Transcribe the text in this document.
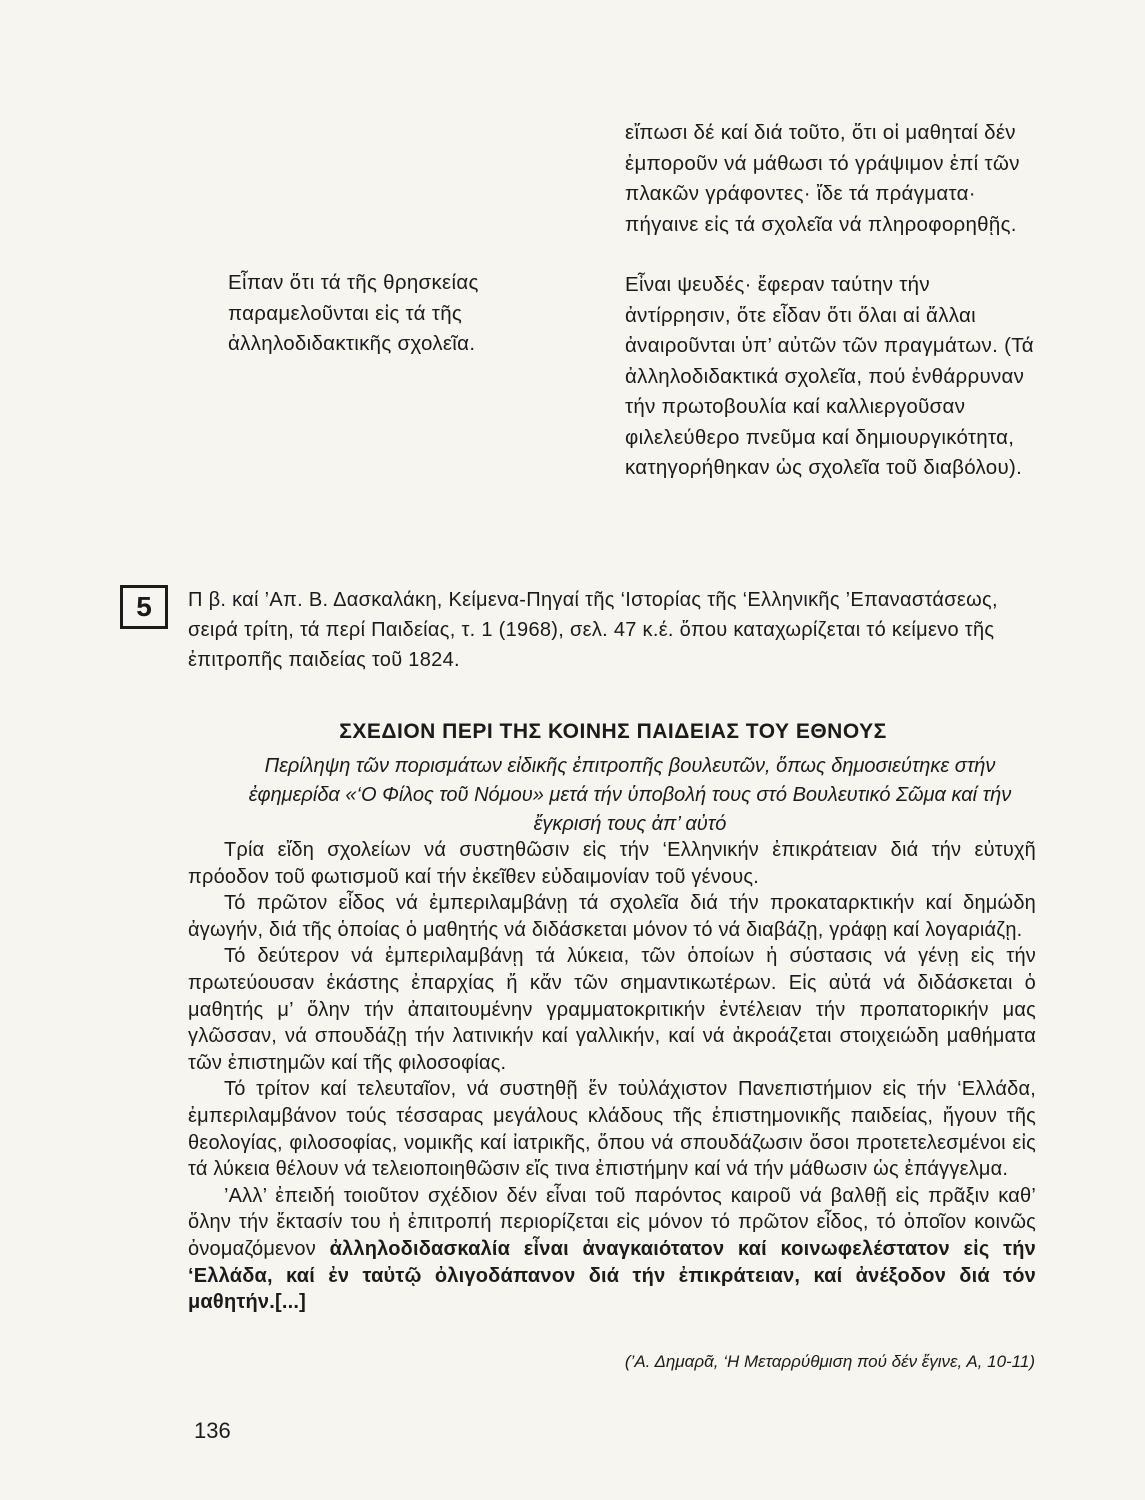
εἴπωσι δέ καί διά τοῦτο, ὅτι οἱ μαθηταί δέν ἐμποροῦν νά μάθωσι τό γράψιμον ἐπί τῶν πλακῶν γράφοντες· ἴδε τά πράγματα· πήγαινε εἰς τά σχολεῖα νά πληροφορηθῇς.

Εἶπαν ὅτι τά τῆς θρησκείας παραμελοῦνται εἰς τά τῆς ἀλληλοδιδακτικῆς σχολεῖα.

Εἶναι ψευδές· ἔφεραν ταύτην τήν ἀντίρρησιν, ὅτε εἶδαν ὅτι ὅλαι αἱ ἄλλαι ἀναιροῦνται ὑπ’ αὐτῶν τῶν πραγμάτων. (Τά ἀλληλοδιδακτικά σχολεῖα, πού ἐνθάρρυναν τήν πρωτοβουλία καί καλλιεργοῦσαν φιλελεύθερο πνεῦμα καί δημιουργικότητα, κατηγορήθηκαν ὡς σχολεῖα τοῦ διαβόλου).

5	Π β. καί ’Απ. Β. Δασκαλάκη, Κείμενα-Πηγαί τῆς ‘Ιστορίας τῆς ‘Ελληνικῆς ’Επαναστάσεως, σειρά τρίτη, τά περί Παιδείας, τ. 1 (1968), σελ. 47 κ.έ. ὅπου καταχωρίζεται τό κείμενο τῆς ἐπιτροπῆς παιδείας τοῦ 1824.

ΣΧΕΔΙΟΝ ΠΕΡΙ ΤΗΣ ΚΟΙΝΗΣ ΠΑΙΔΕΙΑΣ ΤΟΥ ΕΘΝΟΥΣ
Περίληψη τῶν πορισμάτων εἰδικῆς ἐπιτροπῆς βουλευτῶν, ὅπως δημοσιεύτηκε στήν ἐφημερίδα «‘Ο Φίλος τοῦ Νόμου» μετά τήν ὑποβολή τους στό Βουλευτικό Σῶμα καί τήν ἔγκρισή τους ἀπ’ αὐτό

Τρία εἴδη σχολείων νά συστηθῶσιν εἰς τήν ‘Ελληνικήν ἐπικράτειαν διά τήν εὐτυχῆ πρόοδον τοῦ φωτισμοῦ καί τήν ἐκεῖθεν εὐδαιμονίαν τοῦ γένους.

Τό πρῶτον εἶδος νά ἐμπεριλαμβάνῃ τά σχολεῖα διά τήν προκαταρκτικήν καί δημώδη ἀγωγήν, διά τῆς ὁποίας ὁ μαθητής νά διδάσκεται μόνον τό νά διαβάζῃ, γράφῃ καί λογαριάζῃ.

Τό δεύτερον νά ἐμπεριλαμβάνῃ τά λύκεια, τῶν ὁποίων ἡ σύστασις νά γένῃ εἰς τήν πρωτεύουσαν ἑκάστης ἐπαρχίας ἤ κἄν τῶν σημαντικωτέρων. Εἰς αὐτά νά διδάσκεται ὁ μαθητής μ’ ὅλην τήν ἀπαιτουμένην γραμματοκριτικήν ἐντέλειαν τήν προπατορικήν μας γλῶσσαν, νά σπουδάζῃ τήν λατινικήν καί γαλλικήν, καί νά ἀκροάζεται στοιχειώδη μαθήματα τῶν ἐπιστημῶν καί τῆς φιλοσοφίας.

Τό τρίτον καί τελευταῖον, νά συστηθῇ ἕν τοὐλάχιστον Πανεπιστήμιον εἰς τήν ‘Ελλάδα, ἐμπεριλαμβάνον τούς τέσσαρας μεγάλους κλάδους τῆς ἐπιστημονικῆς παιδείας, ἤγουν τῆς θεολογίας, φιλοσοφίας, νομικῆς καί ἰατρικῆς, ὅπου νά σπουδάζωσιν ὅσοι προτετελεσμένοι εἰς τά λύκεια θέλουν νά τελειοποιηθῶσιν εἴς τινα ἐπιστήμην καί νά τήν μάθωσιν ὡς ἐπάγγελμα.

’Αλλ’ ἐπειδή τοιοῦτον σχέδιον δέν εἶναι τοῦ παρόντος καιροῦ νά βαλθῇ εἰς πρᾶξιν καθ’ ὅλην τήν ἔκτασίν του ἡ ἐπιτροπή περιορίζεται εἰς μόνον τό πρῶτον εἶδος, τό ὁποῖον κοινῶς ὀνομαζόμενον ἀλληλοδιδασκαλία εἶναι ἀναγκαιότατον καί κοινωφελέστατον εἰς τήν ‘Ελλάδα, καί ἐν ταὐτῷ ὀλιγοδάπανον διά τήν ἐπικράτειαν, καί ἀνέξοδον διά τόν μαθητήν.[...]

(’Α. Δημαρᾶ, ‘Η Μεταρρύθμιση πού δέν ἔγινε, Α, 10-11)
136
